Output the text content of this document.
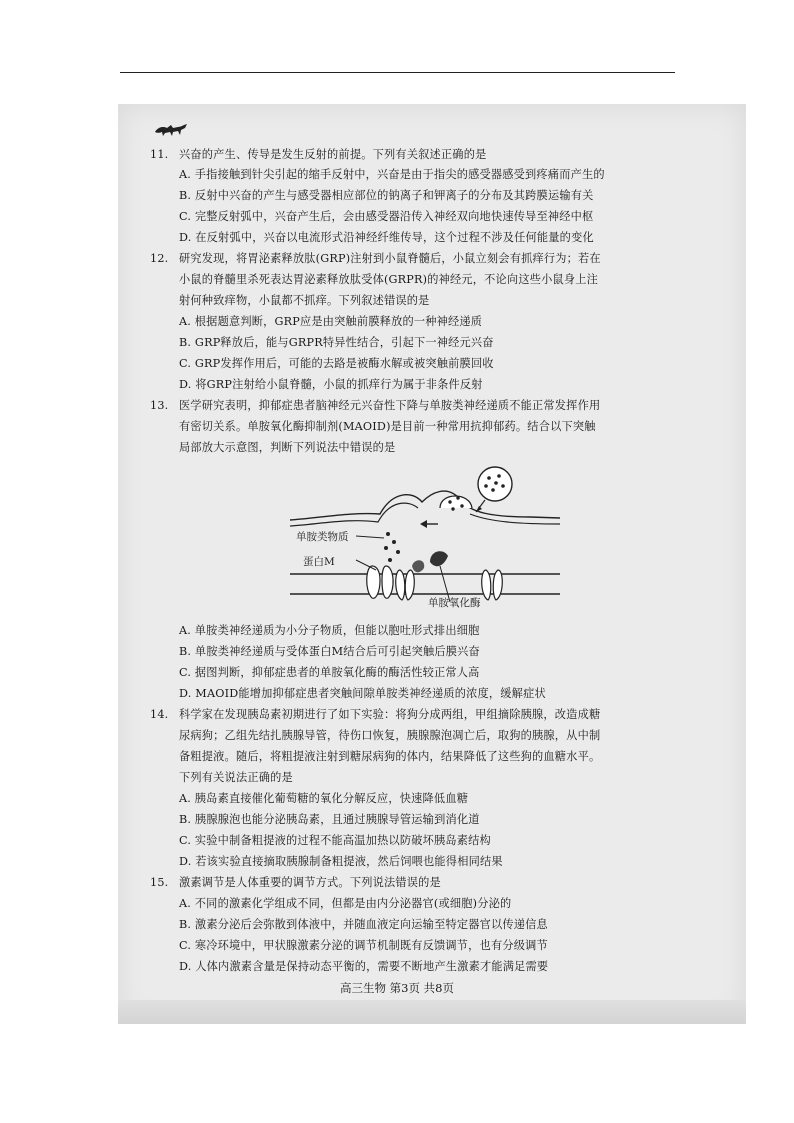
11. 兴奋的产生、传导是发生反射的前提。下列有关叙述正确的是
A. 手指接触到针尖引起的缩手反射中，兴奋是由于指尖的感受器感受到疼痛而产生的
B. 反射中兴奋的产生与感受器相应部位的钠离子和钾离子的分布及其跨膜运输有关
C. 完整反射弧中，兴奋产生后，会由感受器沿传入神经双向地快速传导至神经中枢
D. 在反射弧中，兴奋以电流形式沿神经纤维传导，这个过程不涉及任何能量的变化
12. 研究发现，将胃泌素释放肽(GRP)注射到小鼠脊髓后，小鼠立刻会有抓痒行为；若在
小鼠的脊髓里杀死表达胃泌素释放肽受体(GRPR)的神经元，不论向这些小鼠身上注
射何种致痒物，小鼠都不抓痒。下列叙述错误的是
A. 根据题意判断，GRP应是由突触前膜释放的一种神经递质
B. GRP释放后，能与GRPR特异性结合，引起下一神经元兴奋
C. GRP发挥作用后，可能的去路是被酶水解或被突触前膜回收
D. 将GRP注射给小鼠脊髓，小鼠的抓痒行为属于非条件反射
13. 医学研究表明，抑郁症患者脑神经元兴奋性下降与单胺类神经递质不能正常发挥作用
有密切关系。单胺氧化酶抑制剂(MAOID)是目前一种常用抗抑郁药。结合以下突触
局部放大示意图，判断下列说法中错误的是
单胺类物质
蛋白M
单胺氧化酶
A. 单胺类神经递质为小分子物质，但能以胞吐形式排出细胞
B. 单胺类神经递质与受体蛋白M结合后可引起突触后膜兴奋
C. 据图判断，抑郁症患者的单胺氧化酶的酶活性较正常人高
D. MAOID能增加抑郁症患者突触间隙单胺类神经递质的浓度，缓解症状
14. 科学家在发现胰岛素初期进行了如下实验：将狗分成两组，甲组摘除胰腺，改造成糖
尿病狗；乙组先结扎胰腺导管，待伤口恢复，胰腺腺泡凋亡后，取狗的胰腺，从中制
备粗提液。随后，将粗提液注射到糖尿病狗的体内，结果降低了这些狗的血糖水平。
下列有关说法正确的是
A. 胰岛素直接催化葡萄糖的氧化分解反应，快速降低血糖
B. 胰腺腺泡也能分泌胰岛素，且通过胰腺导管运输到消化道
C. 实验中制备粗提液的过程不能高温加热以防破坏胰岛素结构
D. 若该实验直接摘取胰腺制备粗提液，然后饲喂也能得相同结果
15. 激素调节是人体重要的调节方式。下列说法错误的是
A. 不同的激素化学组成不同，但都是由内分泌器官(或细胞)分泌的
B. 激素分泌后会弥散到体液中，并随血液定向运输至特定器官以传递信息
C. 寒冷环境中，甲状腺激素分泌的调节机制既有反馈调节，也有分级调节
D. 人体内激素含量是保持动态平衡的，需要不断地产生激素才能满足需要
高三生物 第3页 共8页
